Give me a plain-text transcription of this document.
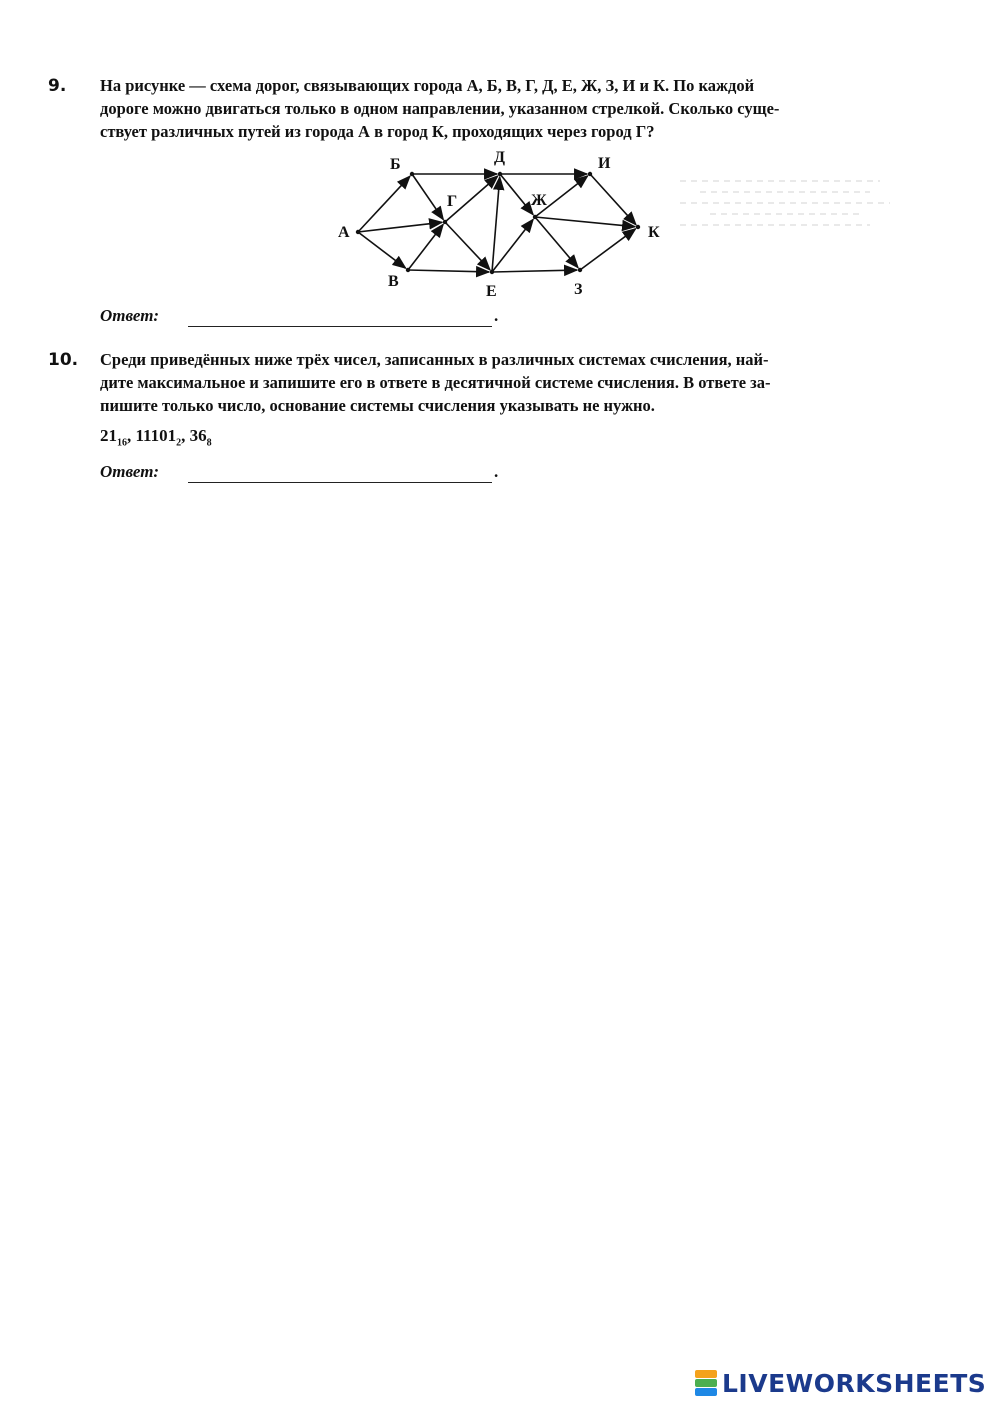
9. На рисунке — схема дорог, связывающих города А, Б, В, Г, Д, Е, Ж, З, И и К. По каждой
дороге можно двигаться только в одном направлении, указанном стрелкой. Сколько суще-
ствует различных путей из города А в город К, проходящих через город Г?
А
Б
В
Г
Д
Е
Ж
З
И
К
Ответ:	.
10. Среди приведённых ниже трёх чисел, записанных в различных системах счисления, най-
дите максимальное и запишите его в ответе в десятичной системе счисления. В ответе за-
пишите только число, основание системы счисления указывать не нужно.
$21_{16}$, $11101_2$, $36_8$
Ответ:	.
LIVEWORKSHEETS
